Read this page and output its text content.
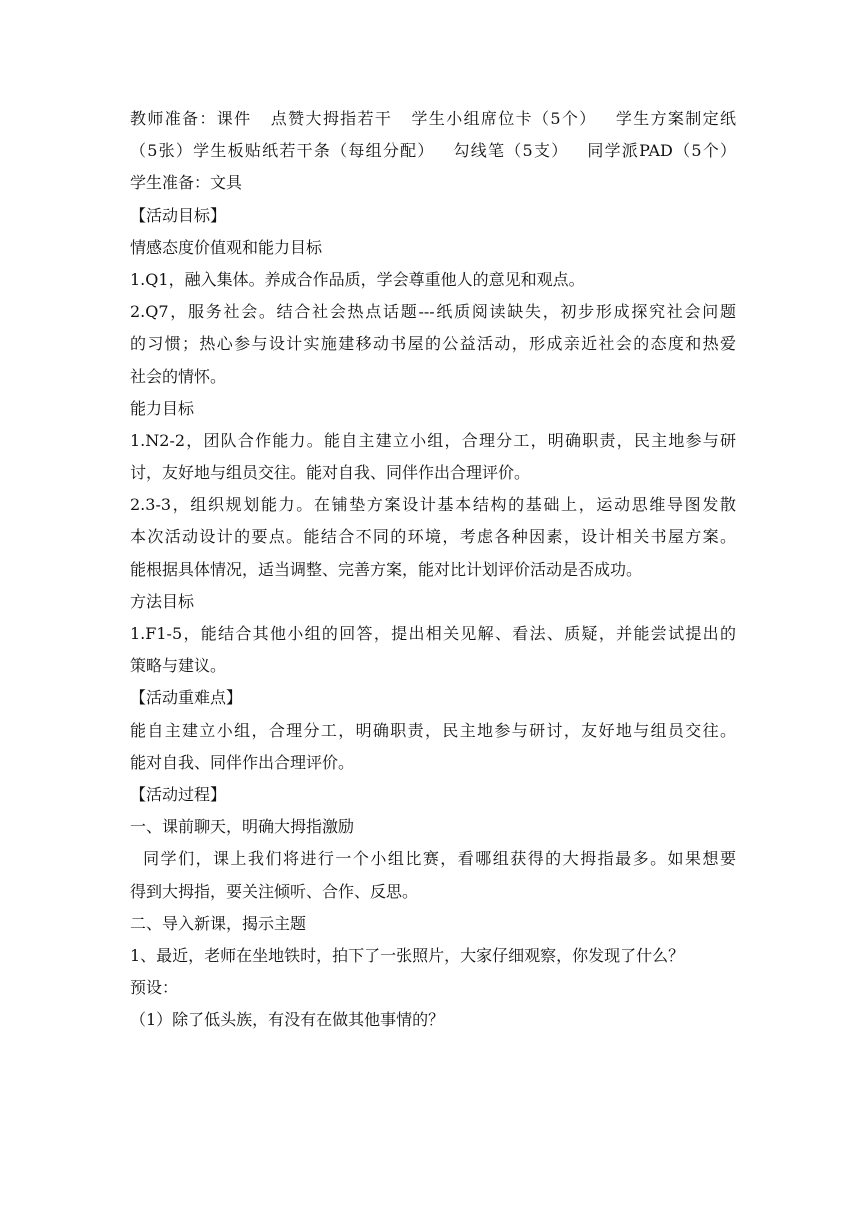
教师准备：课件   点赞大拇指若干   学生小组席位卡（5个）   学生方案制定纸
（5张）学生板贴纸若干条（每组分配）   勾线笔（5支）   同学派PAD（5个）
学生准备：文具
【活动目标】
情感态度价值观和能力目标
1.Q1，融入集体。养成合作品质，学会尊重他人的意见和观点。
2.Q7，服务社会。结合社会热点话题---纸质阅读缺失，初步形成探究社会问题
的习惯；热心参与设计实施建移动书屋的公益活动，形成亲近社会的态度和热爱
社会的情怀。
能力目标
1.N2-2，团队合作能力。能自主建立小组，合理分工，明确职责，民主地参与研
讨，友好地与组员交往。能对自我、同伴作出合理评价。
2.3-3，组织规划能力。在铺垫方案设计基本结构的基础上，运动思维导图发散
本次活动设计的要点。能结合不同的环境，考虑各种因素，设计相关书屋方案。
能根据具体情况，适当调整、完善方案，能对比计划评价活动是否成功。
方法目标
1.F1-5，能结合其他小组的回答，提出相关见解、看法、质疑，并能尝试提出的
策略与建议。
【活动重难点】
能自主建立小组，合理分工，明确职责，民主地参与研讨，友好地与组员交往。
能对自我、同伴作出合理评价。
【活动过程】
一、课前聊天，明确大拇指激励
同学们，课上我们将进行一个小组比赛，看哪组获得的大拇指最多。如果想要
得到大拇指，要关注倾听、合作、反思。
二、导入新课，揭示主题
1、最近，老师在坐地铁时，拍下了一张照片，大家仔细观察，你发现了什么？
预设：
（1）除了低头族，有没有在做其他事情的？
